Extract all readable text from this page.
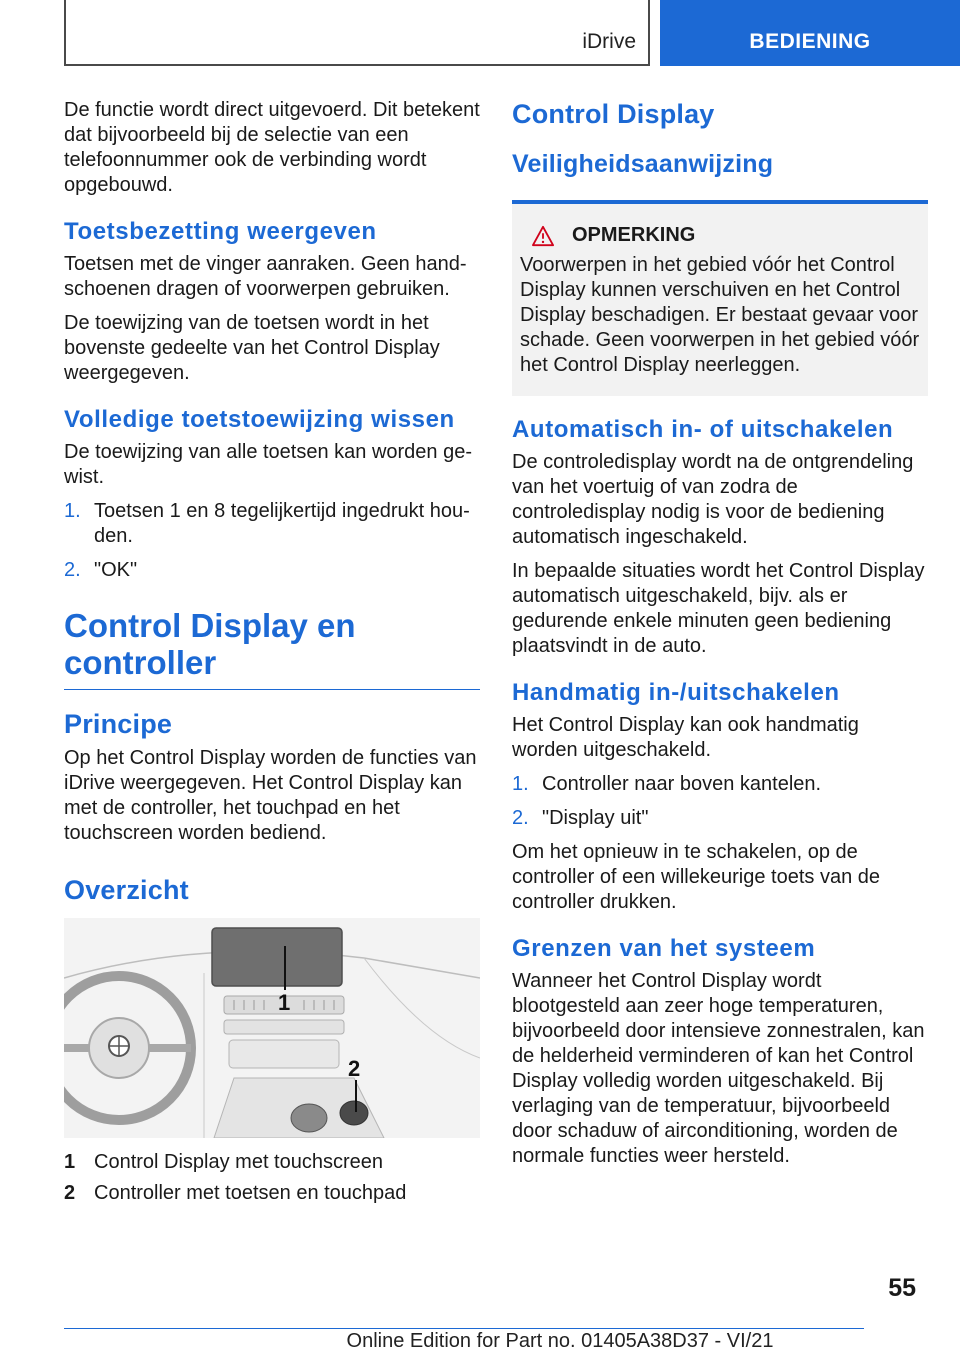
iDrive	BEDIENING

De functie wordt direct uitgevoerd. Dit betekent dat bijvoorbeeld bij de selectie van een telefoonnummer ook de verbinding wordt opgebouwd.

Toetsbezetting weergeven

Toetsen met de vinger aanraken. Geen handschoenen dragen of voorwerpen gebruiken.

De toewijzing van de toetsen wordt in het bovenste gedeelte van het Control Display weergegeven.

Volledige toetstoewijzing wissen

De toewijzing van alle toetsen kan worden gewist.

1. Toetsen 1 en 8 tegelijkertijd ingedrukt houden.
2. "OK"
Control Display en controller
Principe

Op het Control Display worden de functies van iDrive weergegeven. Het Control Display kan met de controller, het touchpad en het touchscreen worden bediend.

Overzicht
1
2
1 Control Display met touchscreen
2 Controller met toetsen en touchpad
Control Display
Veiligheidsaanwijzing
OPMERKING

Voorwerpen in het gebied vóór het Control Display kunnen verschuiven en het Control Display beschadigen. Er bestaat gevaar voor schade. Geen voorwerpen in het gebied vóór het Control Display neerleggen.

Automatisch in- of uitschakelen

De controledisplay wordt na de ontgrendeling van het voertuig of van zodra de controledisplay nodig is voor de bediening automatisch ingeschakeld.

In bepaalde situaties wordt het Control Display automatisch uitgeschakeld, bijv. als er gedurende enkele minuten geen bediening plaatsvindt in de auto.

Handmatig in-/uitschakelen

Het Control Display kan ook handmatig worden uitgeschakeld.

1. Controller naar boven kantelen.
2. "Display uit"

Om het opnieuw in te schakelen, op de controller of een willekeurige toets van de controller drukken.

Grenzen van het systeem

Wanneer het Control Display wordt blootgesteld aan zeer hoge temperaturen, bijvoorbeeld door intensieve zonnestralen, kan de helderheid verminderen of kan het Control Display volledig worden uitgeschakeld. Bij verlaging van de temperatuur, bijvoorbeeld door schaduw of airconditioning, worden de normale functies weer hersteld.

55
Online Edition for Part no. 01405A38D37 - VI/21
